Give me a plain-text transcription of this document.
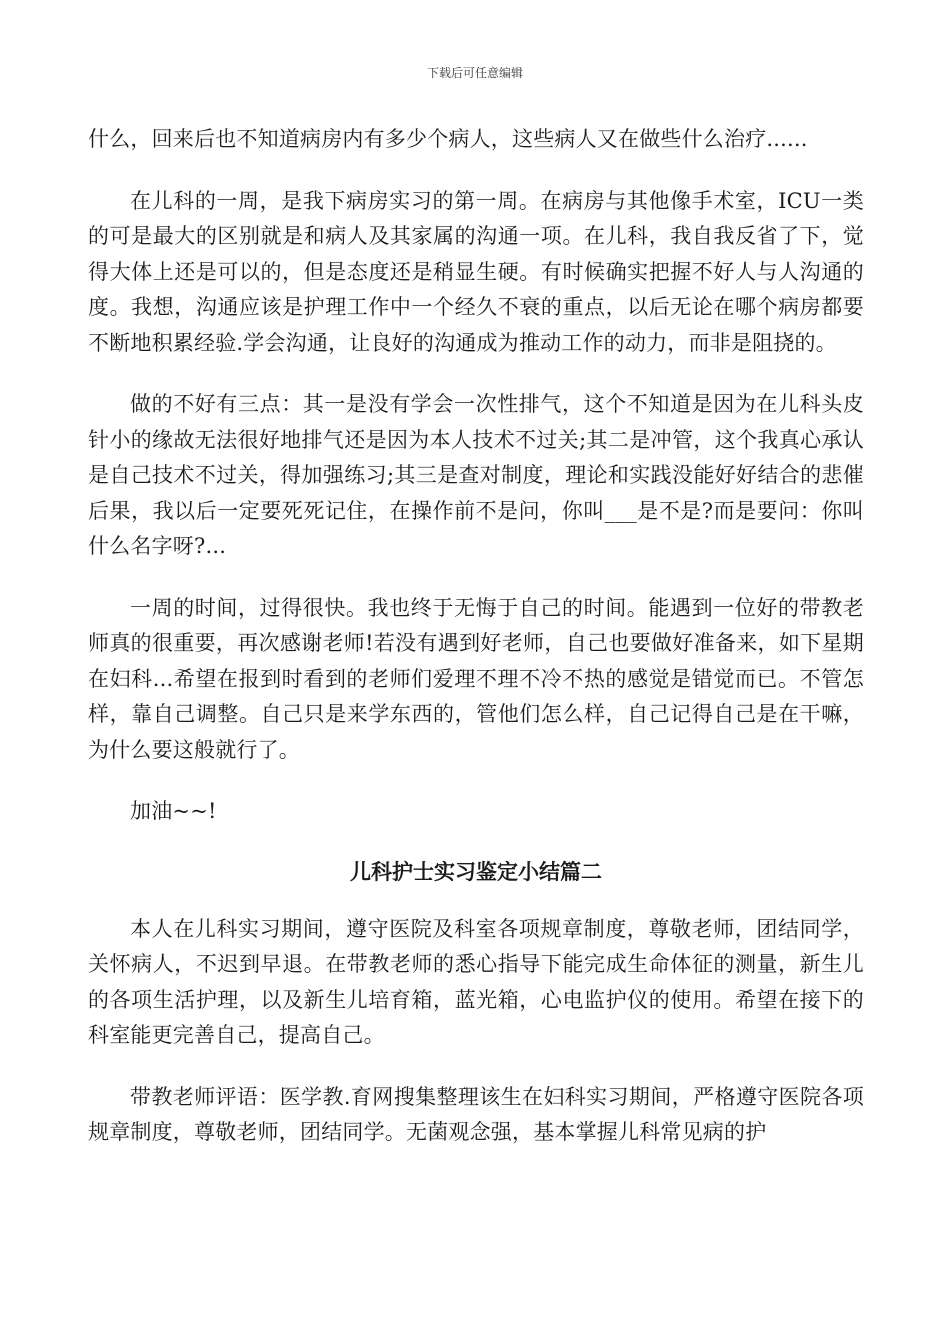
下载后可任意编辑

什么，回来后也不知道病房内有多少个病人，这些病人又在做些什么治疗......

在儿科的一周，是我下病房实习的第一周。在病房与其他像手术室，ICU一类的可是最大的区别就是和病人及其家属的沟通一项。在儿科，我自我反省了下，觉得大体上还是可以的，但是态度还是稍显生硬。有时候确实把握不好人与人沟通的度。我想，沟通应该是护理工作中一个经久不衰的重点，以后无论在哪个病房都要不断地积累经验.学会沟通，让良好的沟通成为推动工作的动力，而非是阻挠的。

做的不好有三点：其一是没有学会一次性排气，这个不知道是因为在儿科头皮针小的缘故无法很好地排气还是因为本人技术不过关;其二是冲管，这个我真心承认是自己技术不过关，得加强练习;其三是查对制度，理论和实践没能好好结合的悲催后果，我以后一定要死死记住，在操作前不是问，你叫___是不是?而是要问：你叫什么名字呀?...

一周的时间，过得很快。我也终于无悔于自己的时间。能遇到一位好的带教老师真的很重要，再次感谢老师!若没有遇到好老师，自己也要做好准备来，如下星期在妇科...希望在报到时看到的老师们爱理不理不冷不热的感觉是错觉而已。不管怎样，靠自己调整。自己只是来学东西的，管他们怎么样，自己记得自己是在干嘛，为什么要这般就行了。

加油~~!

儿科护士实习鉴定小结篇二

本人在儿科实习期间，遵守医院及科室各项规章制度，尊敬老师，团结同学，关怀病人，不迟到早退。在带教老师的悉心指导下能完成生命体征的测量，新生儿的各项生活护理，以及新生儿培育箱，蓝光箱，心电监护仪的使用。希望在接下的科室能更完善自己，提高自己。

带教老师评语：医学教.育网搜集整理该生在妇科实习期间，严格遵守医院各项规章制度，尊敬老师，团结同学。无菌观念强，基本掌握儿科常见病的护
